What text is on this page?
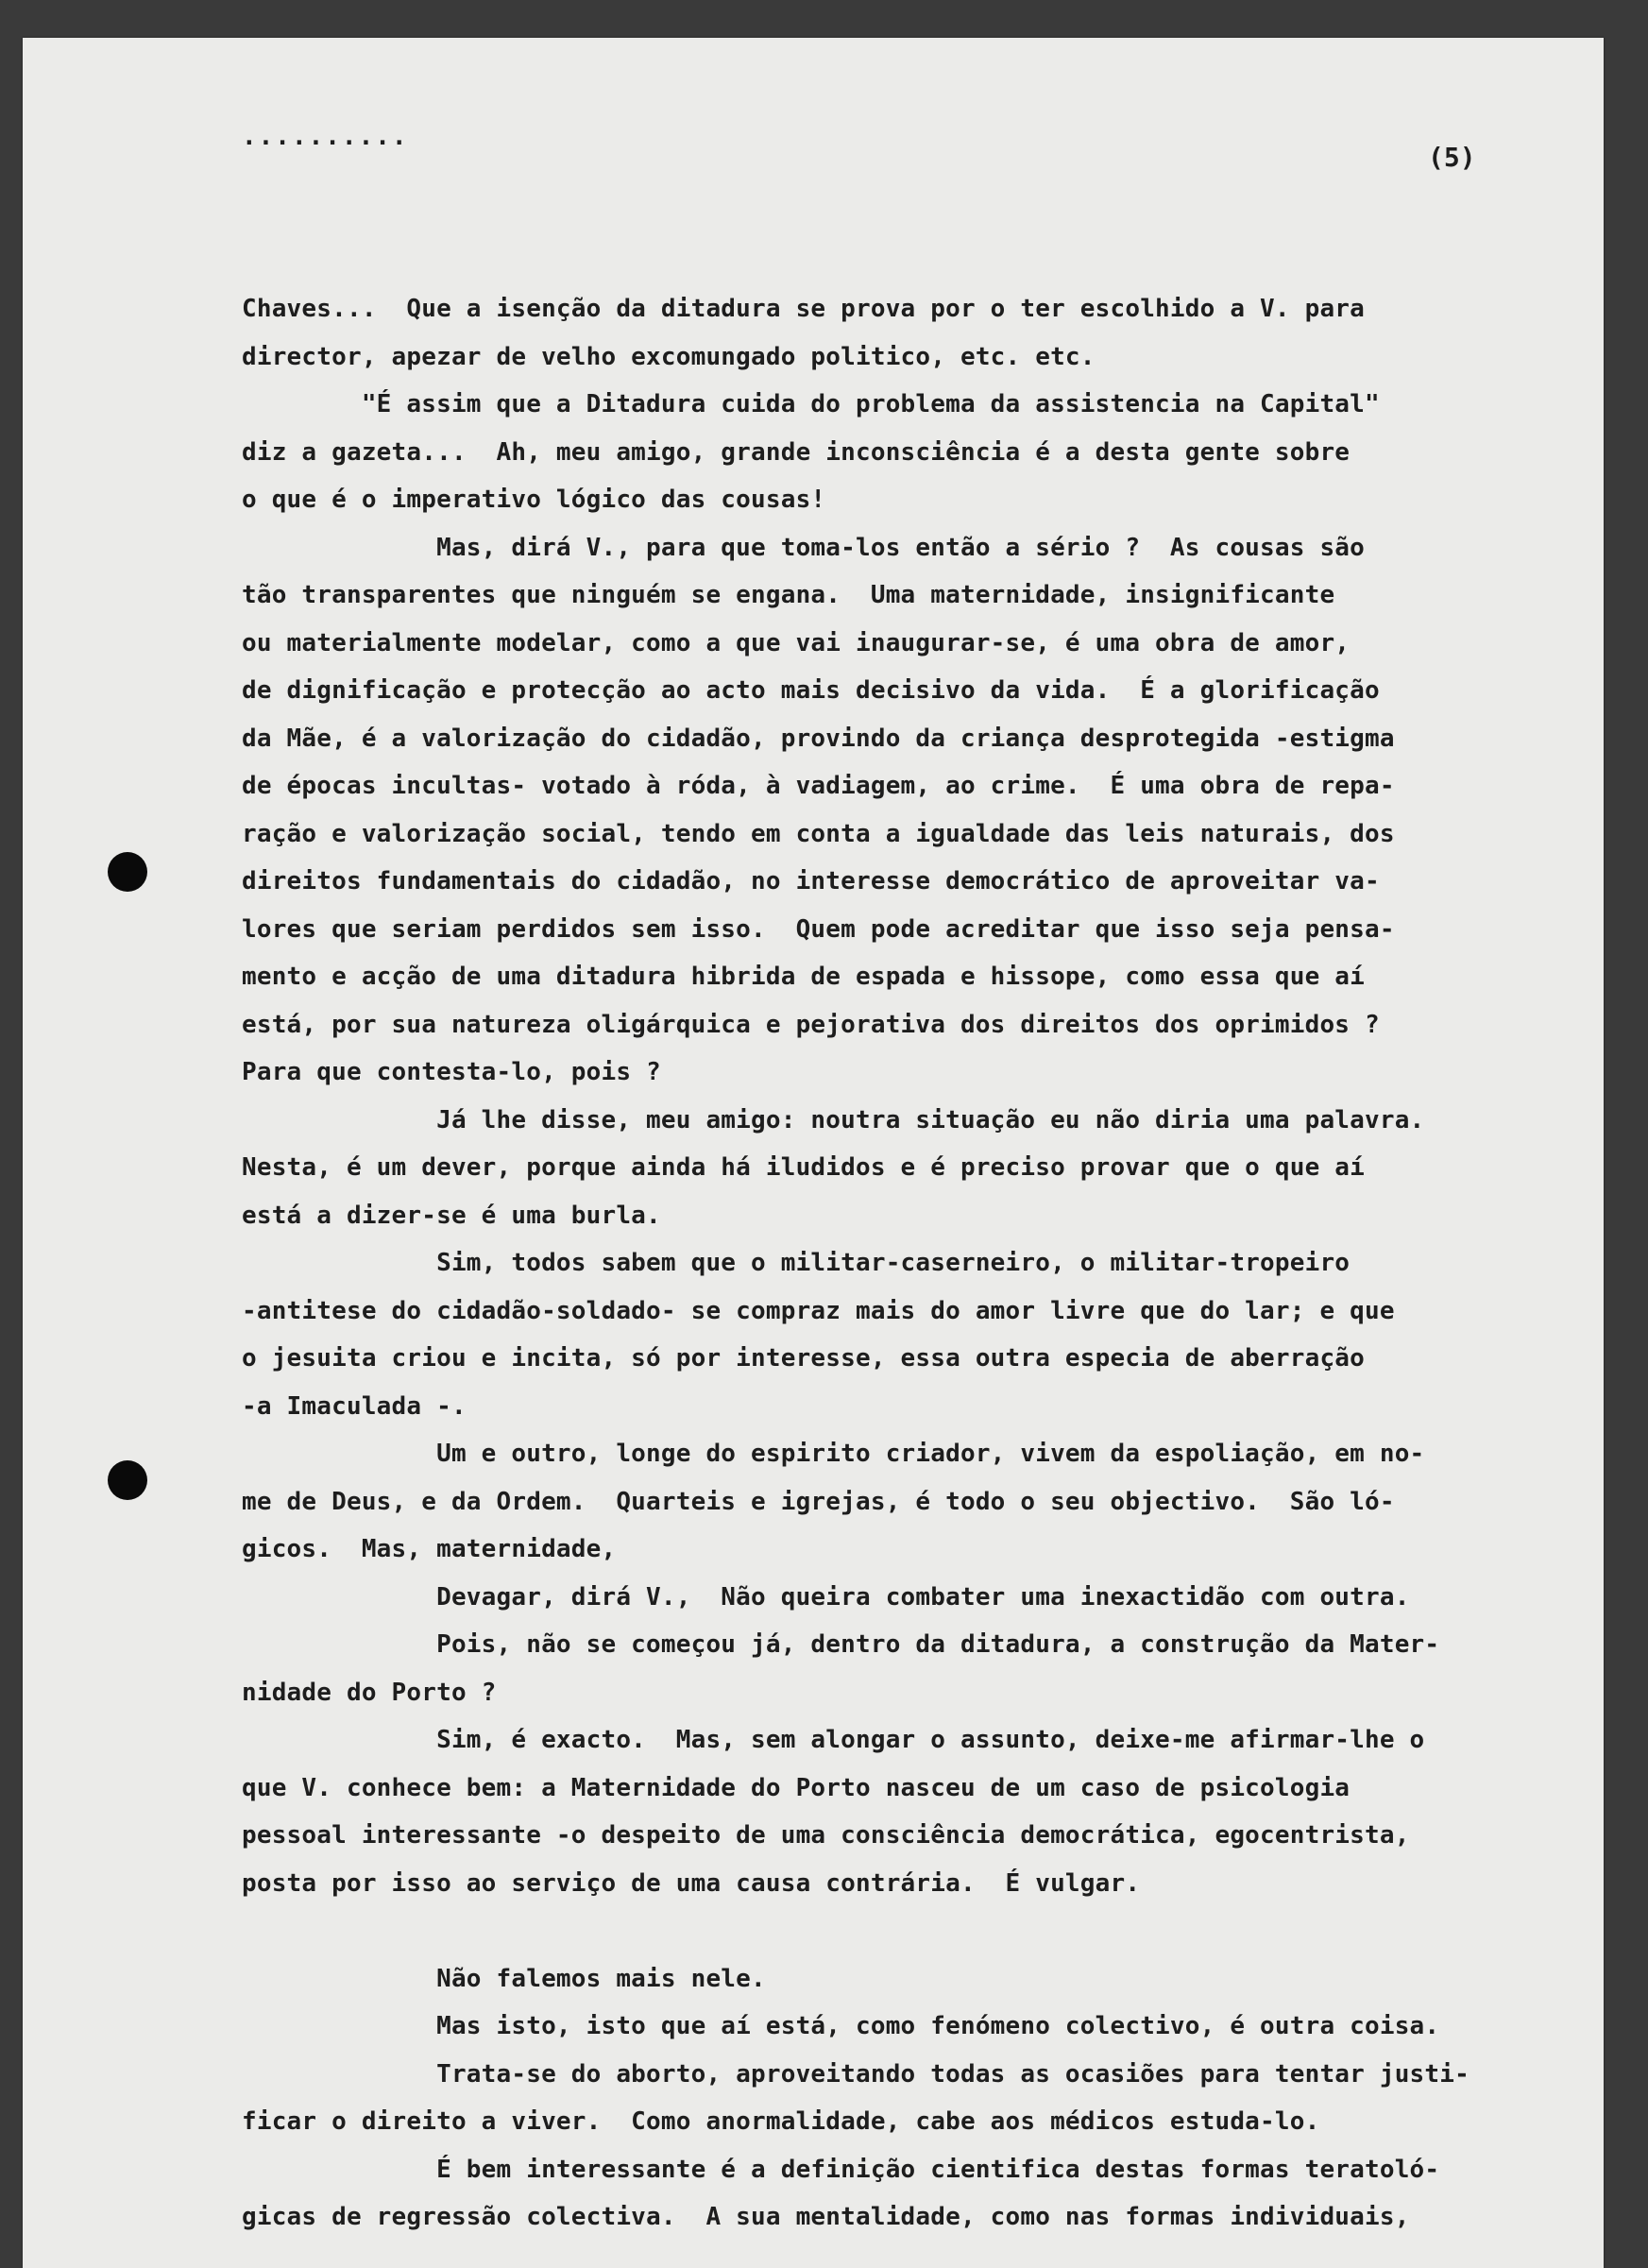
..........
(5)
Chaves...  Que a isenção da ditadura se prova por o ter escolhido a V. para
director, apezar de velho excomungado politico, etc. etc.
"É assim que a Ditadura cuida do problema da assistencia na Capital"
diz a gazeta...  Ah, meu amigo, grande inconsciência é a desta gente sobre
o que é o imperativo lógico das cousas!
Mas, dirá V., para que toma-los então a sério ?  As cousas são
tão transparentes que ninguém se engana.  Uma maternidade, insignificante
ou materialmente modelar, como a que vai inaugurar-se, é uma obra de amor,
de dignificação e protecção ao acto mais decisivo da vida.  É a glorificação
da Mãe, é a valorização do cidadão, provindo da criança desprotegida -estigma
de épocas incultas- votado à róda, à vadiagem, ao crime.  É uma obra de repa-
ração e valorização social, tendo em conta a igualdade das leis naturais, dos
direitos fundamentais do cidadão, no interesse democrático de aproveitar va-
lores que seriam perdidos sem isso.  Quem pode acreditar que isso seja pensa-
mento e acção de uma ditadura hibrida de espada e hissope, como essa que aí
está, por sua natureza oligárquica e pejorativa dos direitos dos oprimidos ?
Para que contesta-lo, pois ?
Já lhe disse, meu amigo: noutra situação eu não diria uma palavra.
Nesta, é um dever, porque ainda há iludidos e é preciso provar que o que aí
está a dizer-se é uma burla.
Sim, todos sabem que o militar-caserneiro, o militar-tropeiro
-antitese do cidadão-soldado- se compraz mais do amor livre que do lar; e que
o jesuita criou e incita, só por interesse, essa outra especia de aberração
-a Imaculada -.
Um e outro, longe do espirito criador, vivem da espoliação, em no-
me de Deus, e da Ordem.  Quarteis e igrejas, é todo o seu objectivo.  São ló-
gicos.  Mas, maternidade,
Devagar, dirá V.,  Não queira combater uma inexactidão com outra.
Pois, não se começou já, dentro da ditadura, a construção da Mater-
nidade do Porto ?
Sim, é exacto.  Mas, sem alongar o assunto, deixe-me afirmar-lhe o
que V. conhece bem: a Maternidade do Porto nasceu de um caso de psicologia
pessoal interessante -o despeito de uma consciência democrática, egocentrista,
posta por isso ao serviço de uma causa contrária.  É vulgar.
Não falemos mais nele.
Mas isto, isto que aí está, como fenómeno colectivo, é outra coisa.
Trata-se do aborto, aproveitando todas as ocasiões para tentar justi-
ficar o direito a viver.  Como anormalidade, cabe aos médicos estuda-lo.
É bem interessante é a definição cientifica destas formas teratoló-
gicas de regressão colectiva.  A sua mentalidade, como nas formas individuais,
